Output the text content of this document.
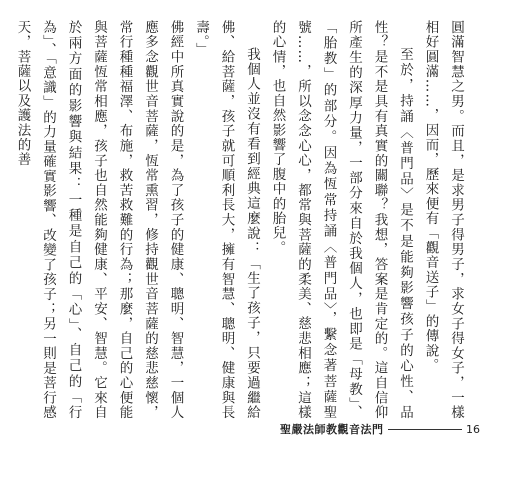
圓滿智慧之男。而且，是求男子得男子，求女子得女子，一樣相好圓滿……，因而，歷來便有「觀音送子」的傳說。

至於，持誦〈普門品〉是不是能夠影響孩子的心性、品性？是不是具有真實的關聯？我想，答案是肯定的。這自信仰所產生的深厚力量，一部分來自於我個人，也即是「母教」、「胎教」的部分。因為恆常持誦〈普門品〉，繫念著菩薩聖號……，所以念念心心，都常與菩薩的柔美、慈悲相應；這樣的心情，也自然影響了腹中的胎兒。

我個人並沒有看到經典這麼說：「生了孩子，只要過繼給佛、給菩薩，孩子就可順利長大，擁有智慧、聰明、健康與長壽。」

佛經中所真實說的是，為了孩子的健康、聰明、智慧，一個人應多念觀世音菩薩，恆常熏習，修持觀世音菩薩的慈悲慈懷，常行種種福澤、布施，救苦救難的行為；那麼，自己的心便能與菩薩恆常相應，孩子也自然能夠健康、平安、智慧。它來自於兩方面的影響與結果：一種是自己的「心」、自己的「行為」、「意識」的力量確實影響、改變了孩子；另一則是菩行感天，菩薩以及護法的善

聖嚴法師教觀音法門	16
